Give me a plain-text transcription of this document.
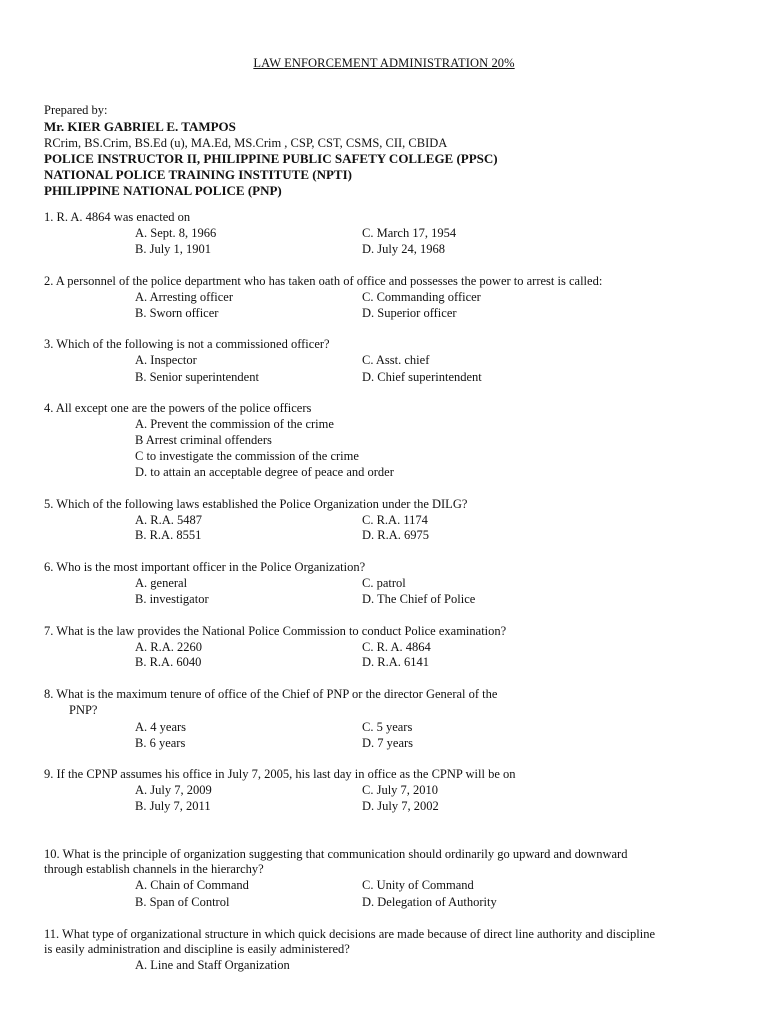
LAW ENFORCEMENT ADMINISTRATION 20%
Prepared by:
Mr. KIER GABRIEL E. TAMPOS
RCrim, BS.Crim, BS.Ed (u), MA.Ed, MS.Crim , CSP, CST, CSMS, CII, CBIDA
POLICE INSTRUCTOR II, PHILIPPINE PUBLIC SAFETY COLLEGE (PPSC)
NATIONAL POLICE TRAINING INSTITUTE (NPTI)
PHILIPPINE NATIONAL POLICE (PNP)
1. R. A. 4864 was enacted on
A. Sept. 8, 1966	C. March 17, 1954
B. July 1, 1901	D. July 24, 1968
2. A personnel of the police department who has taken oath of office and possesses the power to arrest is called:
A. Arresting officer	C. Commanding officer
B. Sworn officer	D. Superior officer
3. Which of the following is not a commissioned officer?
A. Inspector	C. Asst. chief
B. Senior superintendent	D. Chief superintendent
4. All except one are the powers of the police officers
A. Prevent the commission of the crime
B Arrest criminal offenders
C to investigate the commission of the crime
D. to attain an acceptable degree of peace and order
5. Which of the following laws established the Police Organization under the DILG?
A. R.A. 5487	C. R.A. 1174
B. R.A. 8551	D. R.A. 6975
6. Who is the most important officer in the Police Organization?
A. general	C. patrol
B. investigator	D. The Chief of Police
7. What is the law provides the National Police Commission to conduct Police examination?
A. R.A. 2260	C. R. A. 4864
B. R.A. 6040	D. R.A. 6141
8. What is the maximum tenure of office of the Chief of PNP or the director General of the
PNP?
A. 4 years	C. 5 years
B. 6 years	D. 7 years
9. If the CPNP assumes his office in July 7, 2005, his last day in office as the CPNP will be on
A. July 7, 2009	C. July 7, 2010
B. July 7, 2011	D. July 7, 2002
10. What is the principle of organization suggesting that communication should ordinarily go upward and downward
through establish channels in the hierarchy?
A. Chain of Command	C. Unity of Command
B. Span of Control	D. Delegation of Authority
11. What type of organizational structure in which quick decisions are made because of direct line authority and discipline
is easily administration and discipline is easily administered?
A. Line and Staff Organization
